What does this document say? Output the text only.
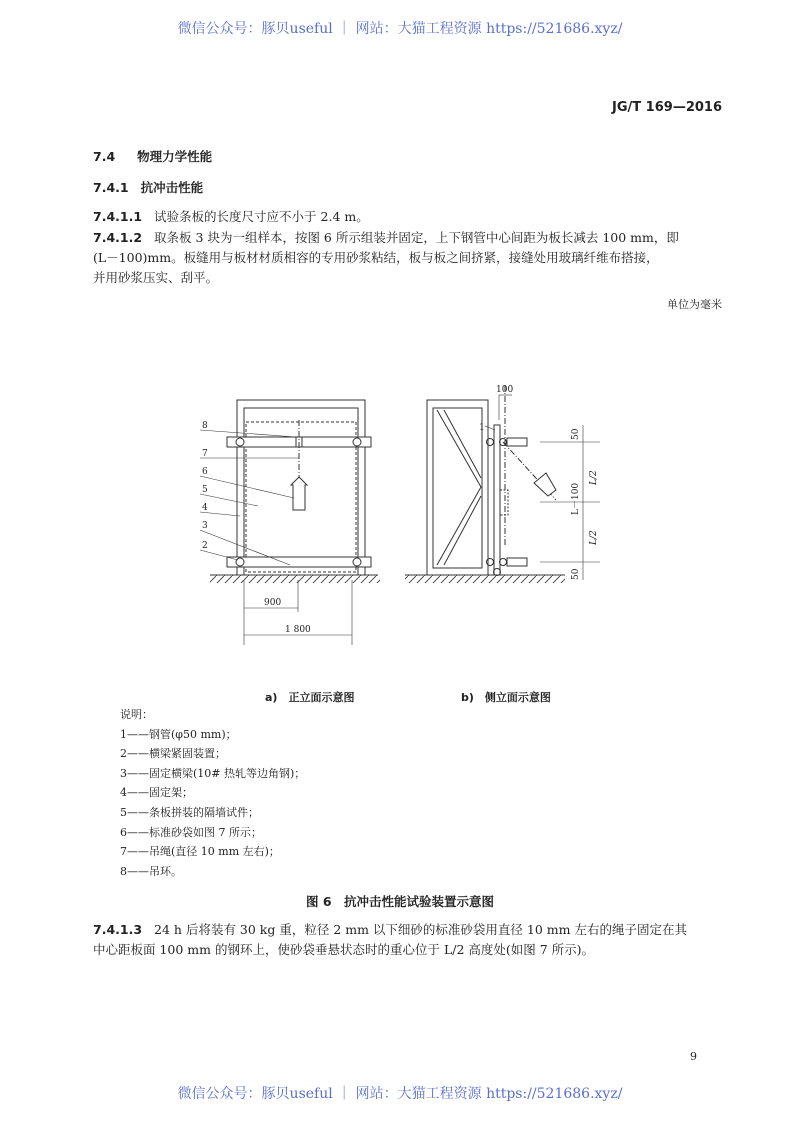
微信公众号：豚贝useful ｜ 网站：大猫工程资源 https://521686.xyz/
JG/T 169—2016
7.4 物理力学性能
7.4.1 抗冲击性能
7.4.1.1 试验条板的长度尺寸应不小于 2.4 m。
7.4.1.2 取条板 3 块为一组样本，按图 6 所示组装并固定，上下钢管中心间距为板长减去 100 mm，即
(L－100)mm。板缝用与板材材质相容的专用砂浆粘结，板与板之间挤紧，接缝处用玻璃纤维布搭接，
并用砂浆压实、刮平。
单位为毫米
8
7
6
5
4
3
2
900
1 800
1
100
50
L/2
L－100
L/2
50
a)　正立面示意图	b)　侧立面示意图
说明：
1——钢管(φ50 mm)；
2——横梁紧固装置；
3——固定横梁(10# 热轧等边角钢)；
4——固定架；
5——条板拼装的隔墙试件；
6——标准砂袋如图 7 所示；
7——吊绳(直径 10 mm 左右)；
8——吊环。
图 6　抗冲击性能试验装置示意图
7.4.1.3 24 h 后将装有 30 kg 重，粒径 2 mm 以下细砂的标准砂袋用直径 10 mm 左右的绳子固定在其
中心距板面 100 mm 的钢环上，使砂袋垂悬状态时的重心位于 L/2 高度处(如图 7 所示)。
9
微信公众号：豚贝useful ｜ 网站：大猫工程资源 https://521686.xyz/
